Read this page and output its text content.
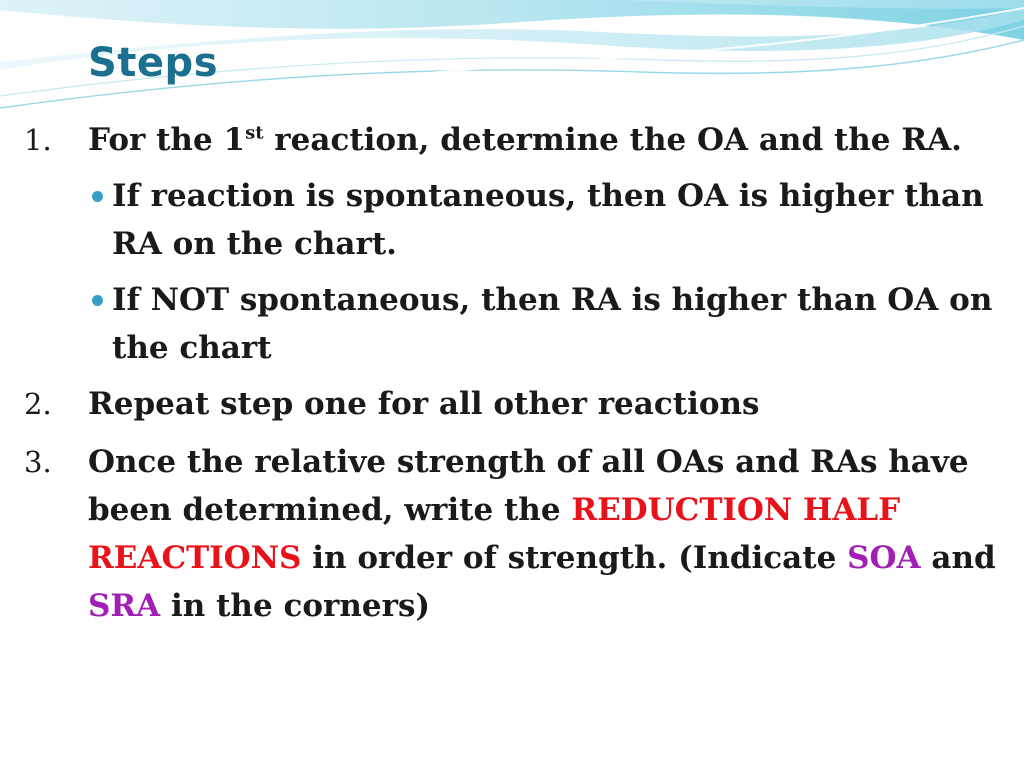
Steps
1. For the 1st reaction, determine the OA and the RA.
If reaction is spontaneous, then OA is higher than RA on the chart.
If NOT spontaneous, then RA is higher than OA on the chart
2. Repeat step one for all other reactions
3. Once the relative strength of all OAs and RAs have been determined, write the REDUCTION HALF REACTIONS in order of strength. (Indicate SOA and SRA in the corners)
